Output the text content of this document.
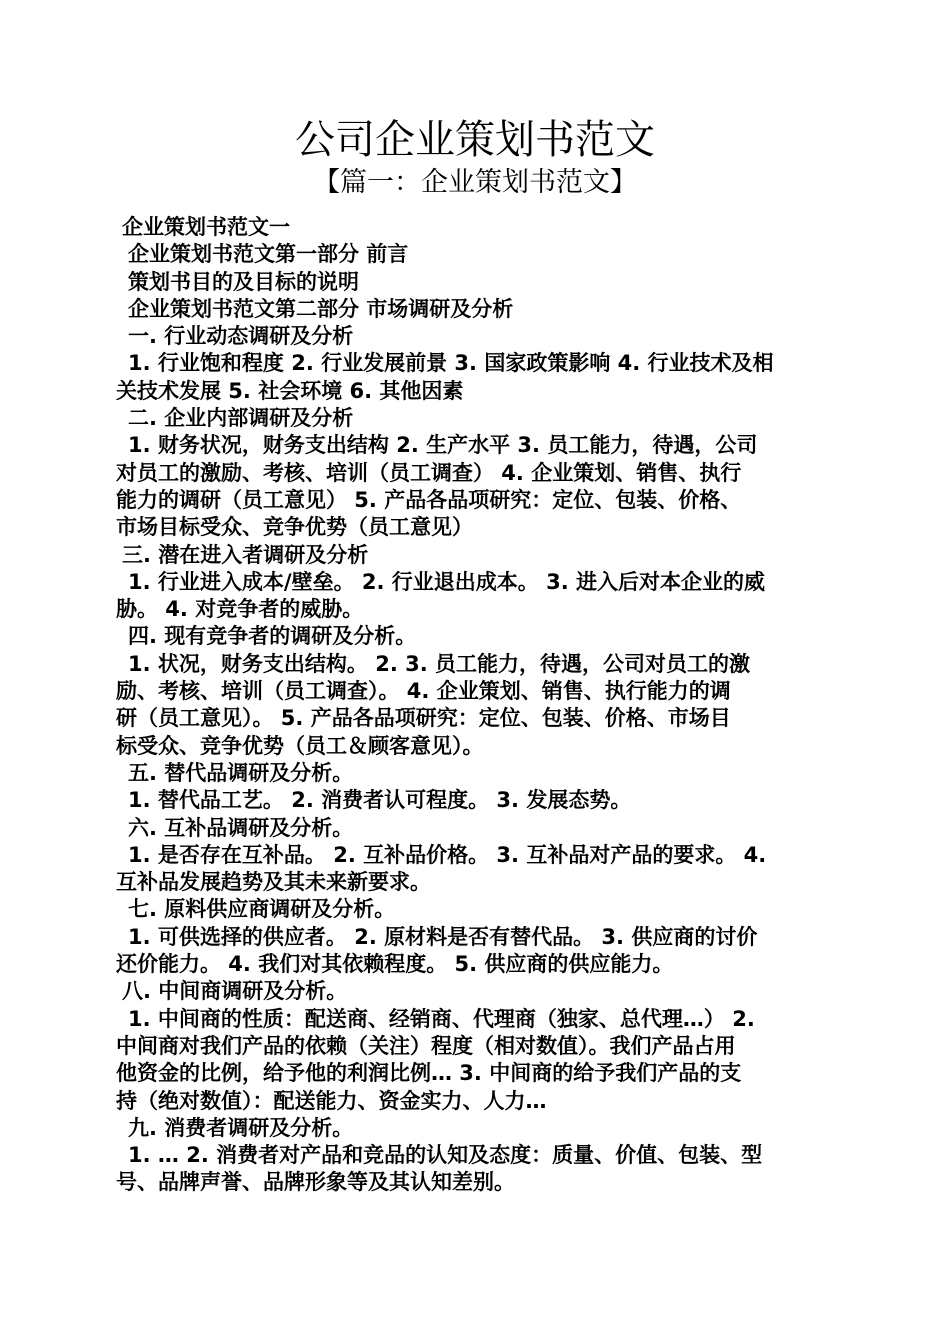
公司企业策划书范文
【篇一：企业策划书范文】

企业策划书范文一

企业策划书范文第一部分 前言

策划书目的及目标的说明

企业策划书范文第二部分 市场调研及分析

一. 行业动态调研及分析

1. 行业饱和程度 2. 行业发展前景 3. 国家政策影响 4. 行业技术及相

关技术发展 5. 社会环境 6. 其他因素

二. 企业内部调研及分析

1. 财务状况，财务支出结构 2. 生产水平 3. 员工能力，待遇，公司

对员工的激励、考核、培训（员工调查） 4. 企业策划、销售、执行

能力的调研（员工意见） 5. 产品各品项研究：定位、包装、价格、

市场目标受众、竞争优势（员工意见）

三. 潜在进入者调研及分析

1. 行业进入成本/壁垒。 2. 行业退出成本。 3. 进入后对本企业的威

胁。 4. 对竞争者的威胁。

四. 现有竞争者的调研及分析。

1. 状况，财务支出结构。 2. 3. 员工能力，待遇，公司对员工的激

励、考核、培训（员工调查）。 4. 企业策划、销售、执行能力的调

研（员工意见）。 5. 产品各品项研究：定位、包装、价格、市场目

标受众、竞争优势（员工＆顾客意见）。

五. 替代品调研及分析。

1. 替代品工艺。 2. 消费者认可程度。 3. 发展态势。

六. 互补品调研及分析。

1. 是否存在互补品。 2. 互补品价格。 3. 互补品对产品的要求。 4.

互补品发展趋势及其未来新要求。

七. 原料供应商调研及分析。

1. 可供选择的供应者。 2. 原材料是否有替代品。 3. 供应商的讨价

还价能力。 4. 我们对其依赖程度。 5. 供应商的供应能力。

八. 中间商调研及分析。

1. 中间商的性质：配送商、经销商、代理商（独家、总代理…） 2.

中间商对我们产品的依赖（关注）程度（相对数值）。我们产品占用

他资金的比例，给予他的利润比例… 3. 中间商的给予我们产品的支

持（绝对数值）：配送能力、资金实力、人力…

九. 消费者调研及分析。

1. … 2. 消费者对产品和竞品的认知及态度：质量、价值、包装、型

号、品牌声誉、品牌形象等及其认知差别。
